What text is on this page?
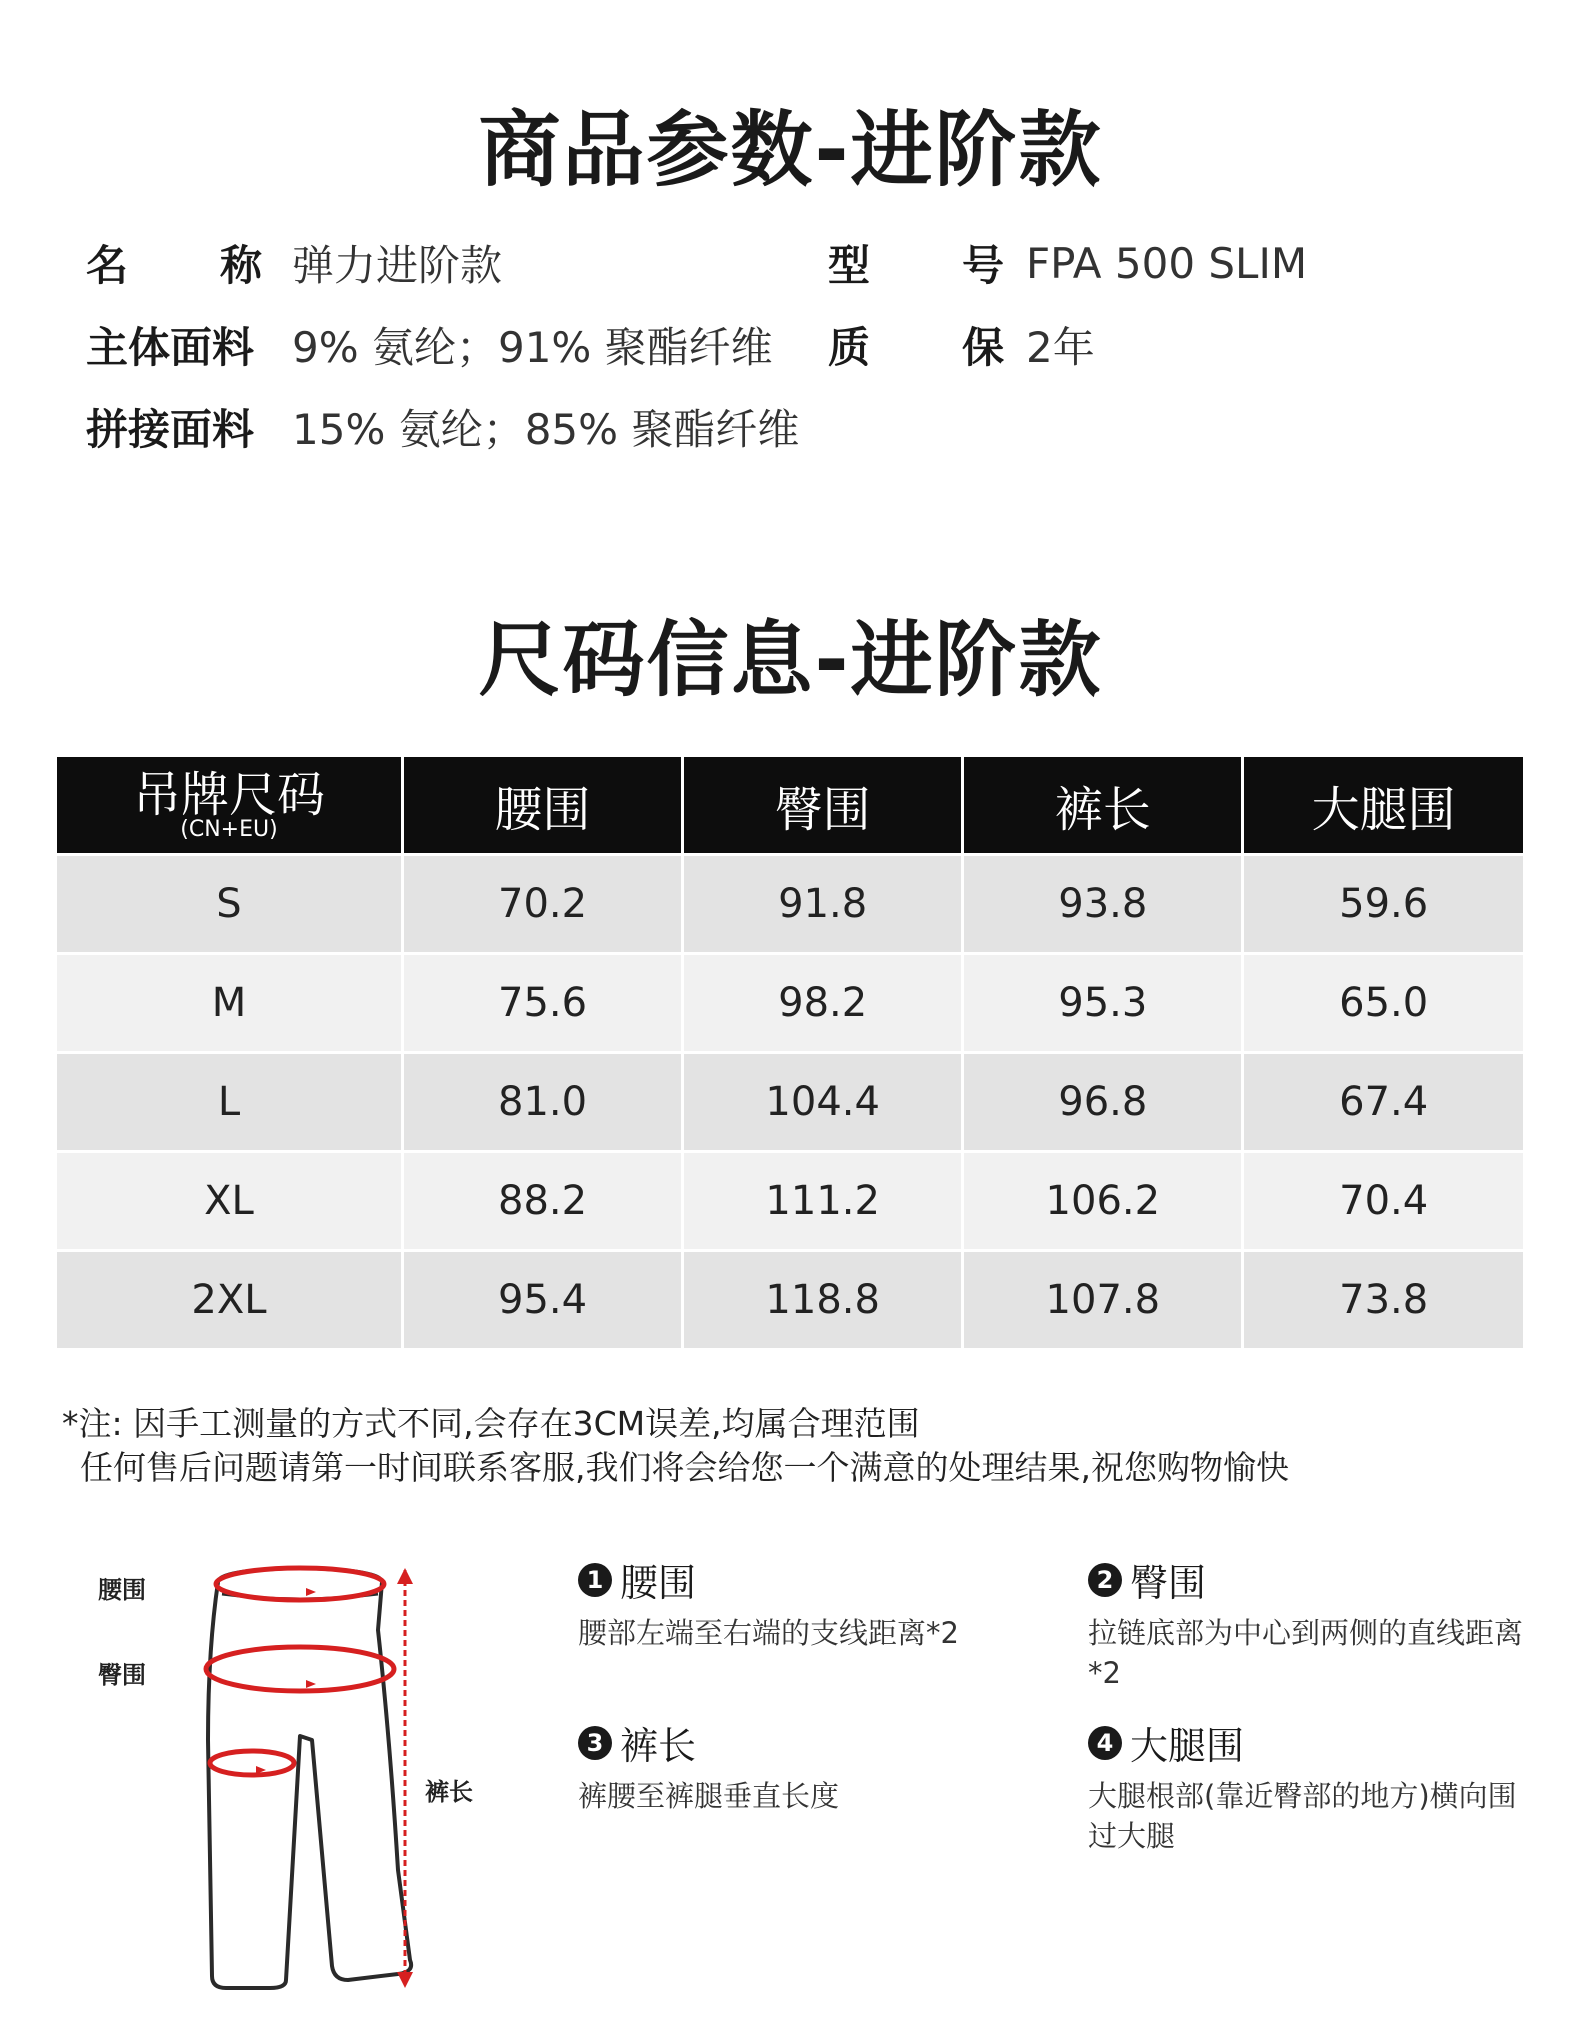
商品参数-进阶款
名 称 弹力进阶款	型 号 FPA 500 SLIM
主体面料 9% 氨纶；91% 聚酯纤维	质 保 2年
拼接面料 15% 氨纶；85% 聚酯纤维
尺码信息-进阶款
吊牌尺码
(CN+EU)	腰围	臀围	裤长	大腿围
S	70.2	91.8	93.8	59.6
M	75.6	98.2	95.3	65.0
L	81.0	104.4	96.8	67.4
XL	88.2	111.2	106.2	70.4
2XL	95.4	118.8	107.8	73.8
*注: 因手工测量的方式不同,会存在3CM误差,均属合理范围
任何售后问题请第一时间联系客服,我们将会给您一个满意的处理结果,祝您购物愉快
腰围
臀围
裤长
1 腰围
腰部左端至右端的支线距离*2
2 臀围
拉链底部为中心到两侧的直线距离*2
3 裤长
裤腰至裤腿垂直长度
4 大腿围
大腿根部(靠近臀部的地方)横向围过大腿
